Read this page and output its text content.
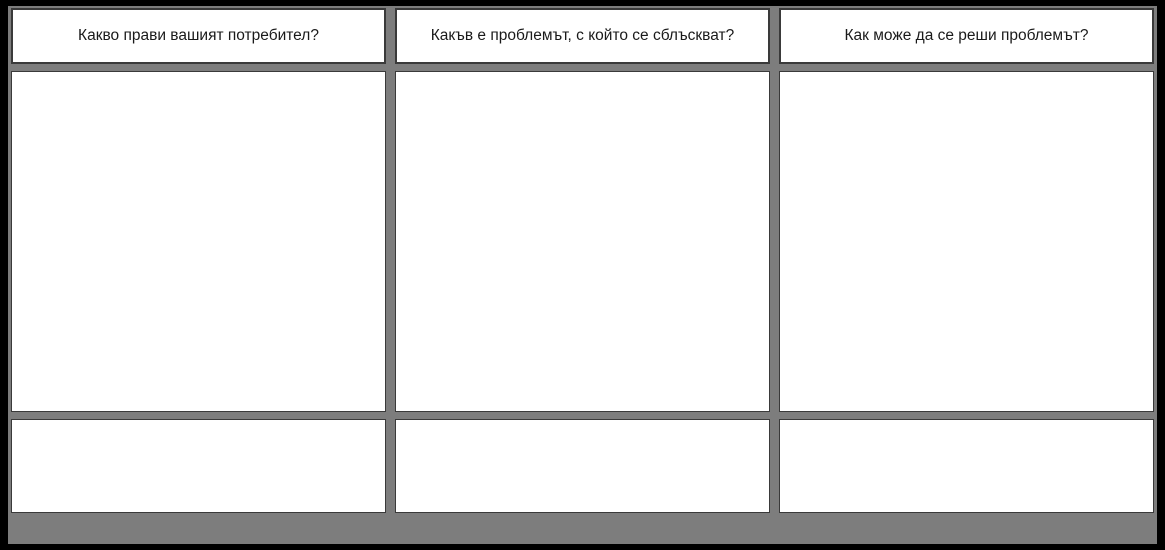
Какво прави вашият потребител?	Какъв е проблемът, с който се сблъскват?	Как може да се реши проблемът?
